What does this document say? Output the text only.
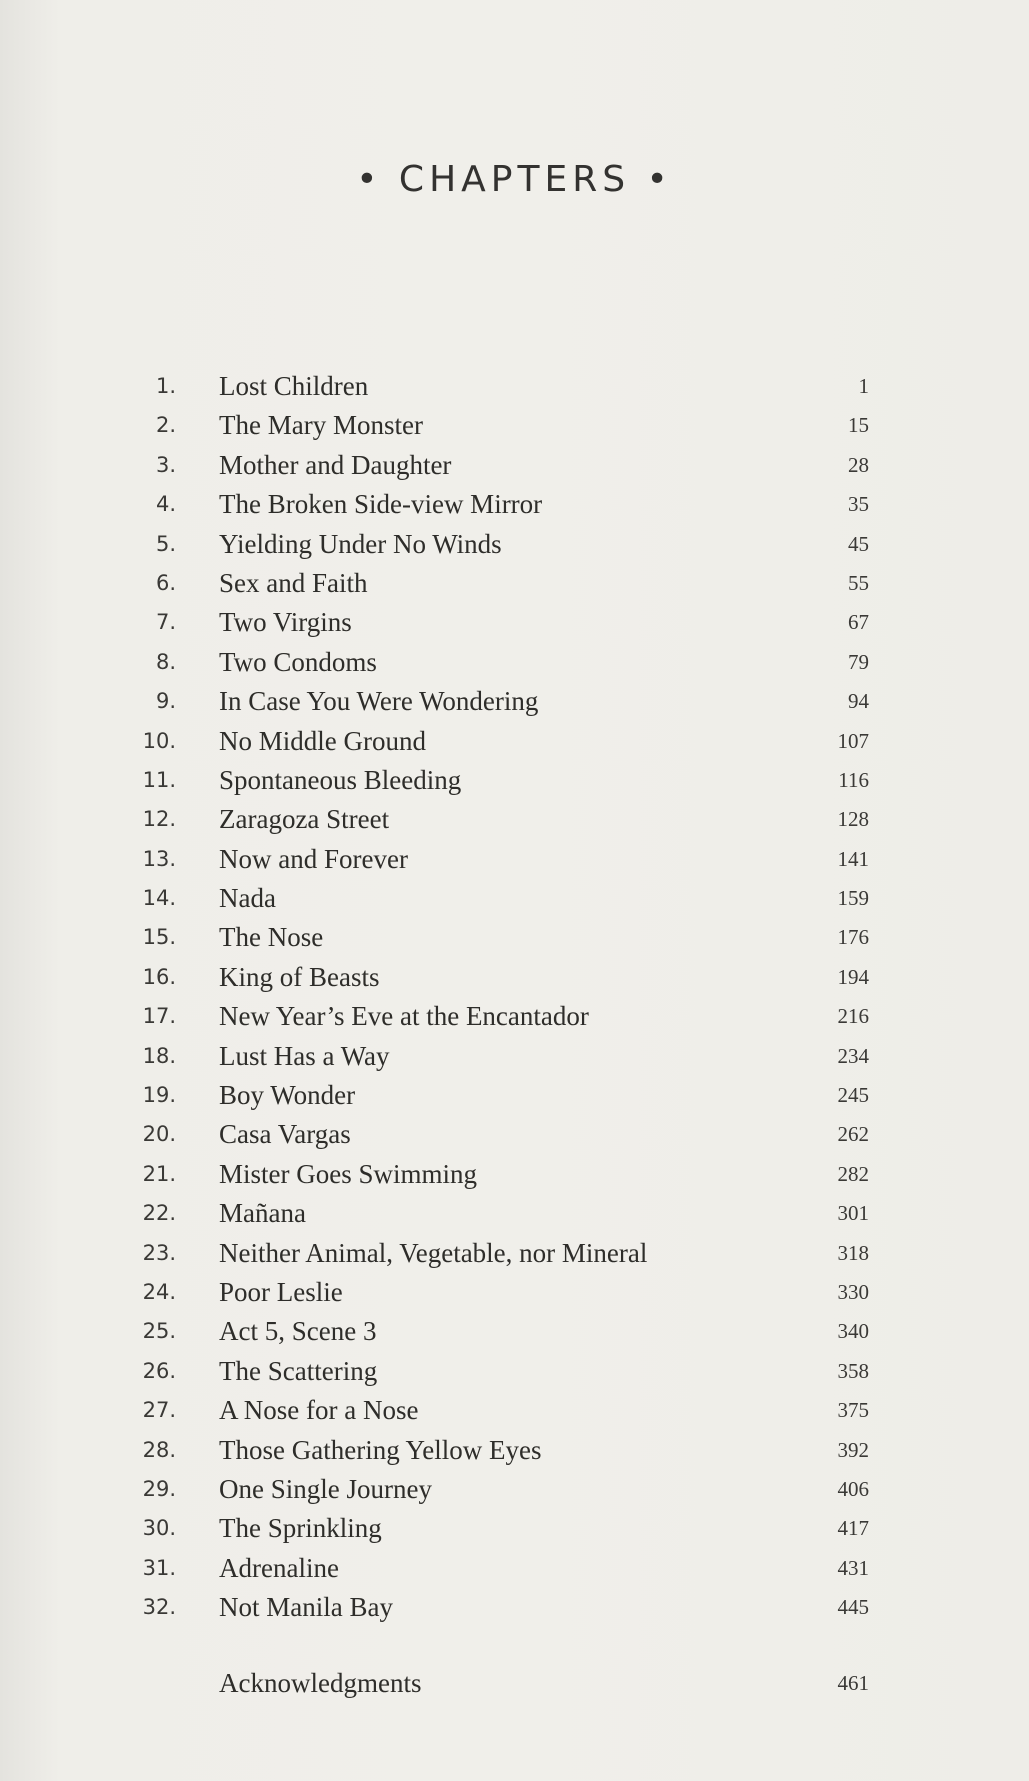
• CHAPTERS •
1. Lost Children	1
2. The Mary Monster	15
3. Mother and Daughter	28
4. The Broken Side-view Mirror	35
5. Yielding Under No Winds	45
6. Sex and Faith	55
7. Two Virgins	67
8. Two Condoms	79
9. In Case You Were Wondering	94
10. No Middle Ground	107
11. Spontaneous Bleeding	116
12. Zaragoza Street	128
13. Now and Forever	141
14. Nada	159
15. The Nose	176
16. King of Beasts	194
17. New Year’s Eve at the Encantador	216
18. Lust Has a Way	234
19. Boy Wonder	245
20. Casa Vargas	262
21. Mister Goes Swimming	282
22. Mañana	301
23. Neither Animal, Vegetable, nor Mineral	318
24. Poor Leslie	330
25. Act 5, Scene 3	340
26. The Scattering	358
27. A Nose for a Nose	375
28. Those Gathering Yellow Eyes	392
29. One Single Journey	406
30. The Sprinkling	417
31. Adrenaline	431
32. Not Manila Bay	445
Acknowledgments	461
